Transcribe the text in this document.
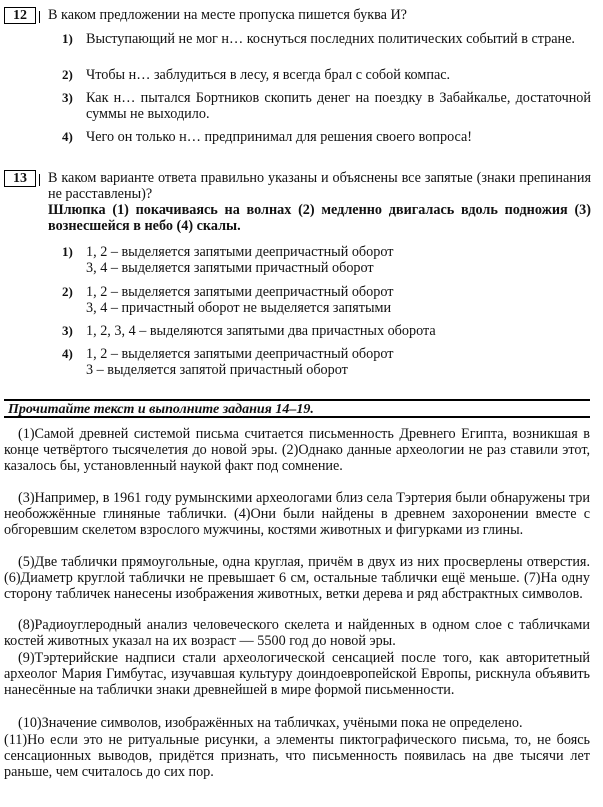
12	В каком предложении на месте пропуска пишется буква И?
1) Выступающий не мог н… коснуться последних политических событий в стране.
2) Чтобы н… заблудиться в лесу, я всегда брал с собой компас.
3) Как н… пытался Бортников скопить денег на поездку в Забайкалье, достаточной суммы не выходило.
4) Чего он только н… предпринимал для решения своего вопроса!
13	В каком варианте ответа правильно указаны и объяснены все запятые (знаки препинания не расставлены)?
Шлюпка (1) покачиваясь на волнах (2) медленно двигалась вдоль подножия (3) вознесшейся в небо (4) скалы.
1) 1, 2 – выделяется запятыми деепричастный оборот
3, 4 – выделяется запятыми причастный оборот
2) 1, 2 – выделяется запятыми деепричастный оборот
3, 4 – причастный оборот не выделяется запятыми
3) 1, 2, 3, 4 – выделяются запятыми два причастных оборота
4) 1, 2 – выделяется запятыми деепричастный оборот
3 – выделяется запятой причастный оборот
Прочитайте текст и выполните задания 14–19.
(1)Самой древней системой письма считается письменность Древнего Египта, возникшая в конце четвёртого тысячелетия до новой эры. (2)Однако данные археологии не раз ставили этот, казалось бы, установленный наукой факт под сомнение.
(3)Например, в 1961 году румынскими археологами близ села Тэртерия были обнаружены три необожжённые глиняные таблички. (4)Они были найдены в древнем захоронении вместе с обгоревшим скелетом взрослого мужчины, костями животных и фигурками из глины.
(5)Две таблички прямоугольные, одна круглая, причём в двух из них просверлены отверстия. (6)Диаметр круглой таблички не превышает 6 см, остальные таблички ещё меньше. (7)На одну сторону табличек нанесены изображения животных, ветки дерева и ряд абстрактных символов.
(8)Радиоуглеродный анализ человеческого скелета и найденных в одном слое с табличками костей животных указал на их возраст — 5500 год до новой эры.
(9)Тэртерийские надписи стали археологической сенсацией после того, как авторитетный археолог Мария Гимбутас, изучавшая культуру доиндоевропейской Европы, рискнула объявить нанесённые на таблички знаки древнейшей в мире формой письменности.
(10)Значение символов, изображённых на табличках, учёными пока не определено.
(11)Но если это не ритуальные рисунки, а элементы пиктографического письма, то, не боясь сенсационных выводов, придётся признать, что письменность появилась на две тысячи лет раньше, чем считалось до сих пор.
